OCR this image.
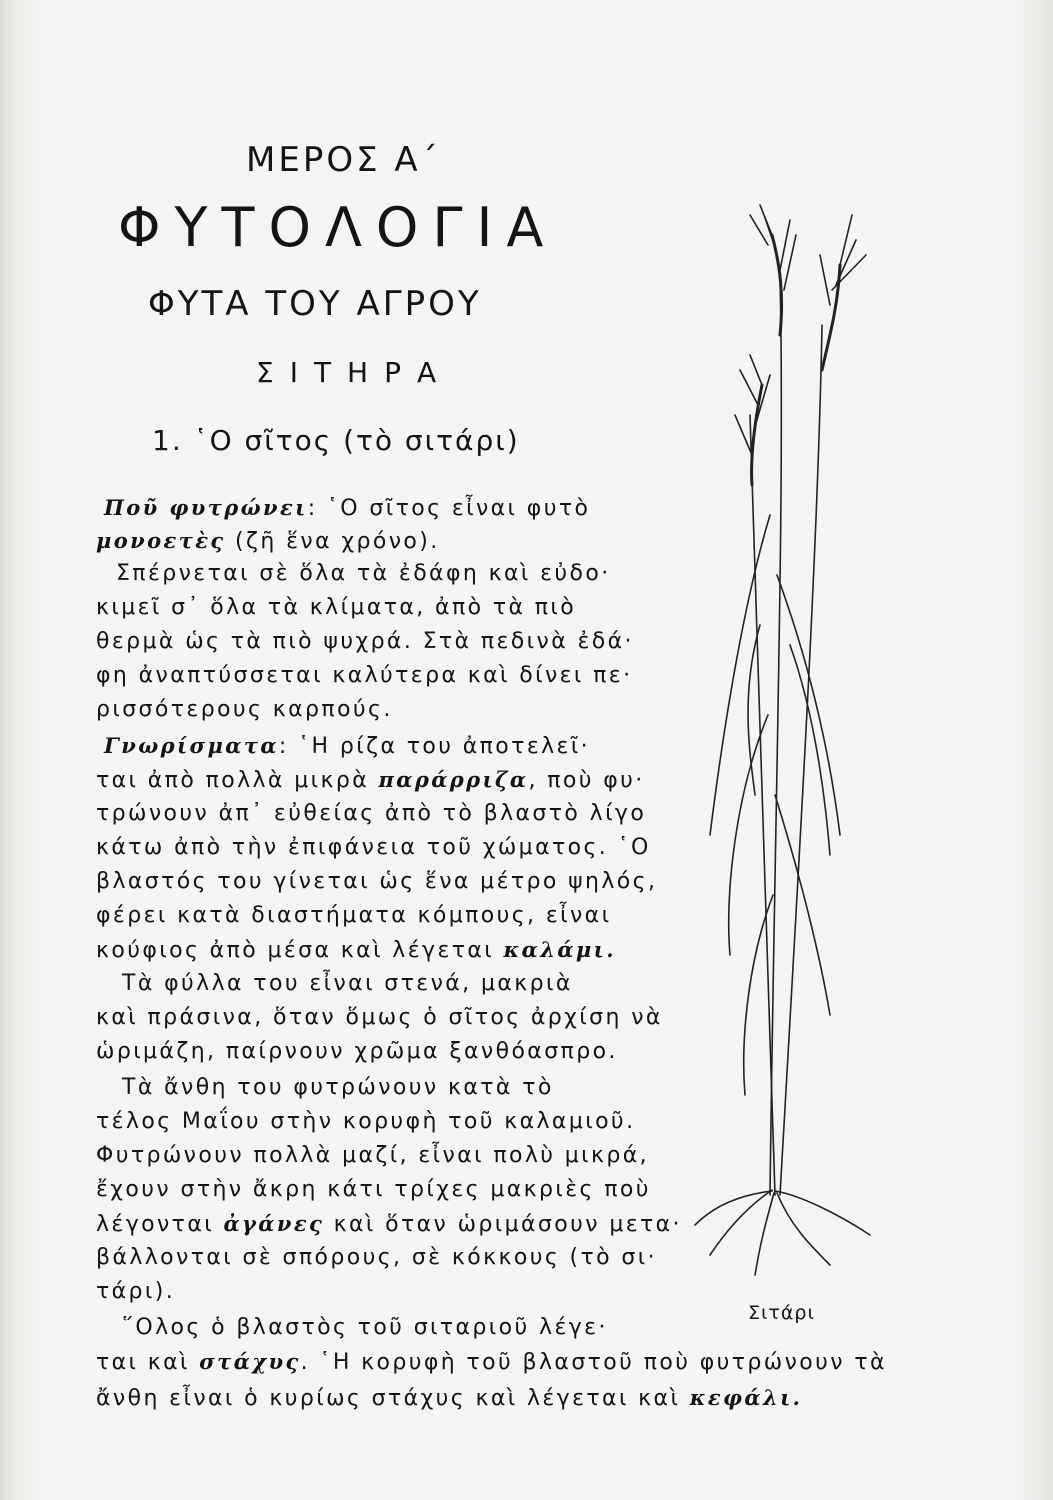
ΜΕΡΟΣ Α΄
ΦΥΤΟΛΟΓΙΑ
ΦΥΤΑ ΤΟΥ ΑΓΡΟΥ
ΣΙΤΗΡΑ
1. ῾Ο σῖτος (τὸ σιτάρι)
Ποῦ φυτρώνει: ῾Ο σῖτος εἶναι φυτὸ
μονοετὲς (ζῆ ἕνα χρόνο).
Σπέρνεται σὲ ὅλα τὰ ἐδάφη καὶ εὐδο·
κιμεῖ σ᾽ ὅλα τὰ κλίματα, ἀπὸ τὰ πιὸ
θερμὰ ὡς τὰ πιὸ ψυχρά. Στὰ πεδινὰ ἐδά·
φη ἀναπτύσσεται καλύτερα καὶ δίνει πε·
ρισσότερους καρπούς.
Γνωρίσματα: ῾Η ρίζα του ἀποτελεῖ·
ται ἀπὸ πολλὰ μικρὰ παράρριζα, ποὺ φυ·
τρώνουν ἀπ᾽ εὐθείας ἀπὸ τὸ βλαστὸ λίγο
κάτω ἀπὸ τὴν ἐπιφάνεια τοῦ χώματος. ῾Ο
βλαστός του γίνεται ὡς ἕνα μέτρο ψηλός,
φέρει κατὰ διαστήματα κόμπους, εἶναι
κούφιος ἀπὸ μέσα καὶ λέγεται καλάμι.
Τὰ φύλλα του εἶναι στενά, μακριὰ
καὶ πράσινα, ὅταν ὅμως ὁ σῖτος ἀρχίση νὰ
ὡριμάζη, παίρνουν χρῶμα ξανθόασπρο.
Τὰ ἄνθη του φυτρώνουν κατὰ τὸ
τέλος Μαΐου στὴν κορυφὴ τοῦ καλαμιοῦ.
Φυτρώνουν πολλὰ μαζί, εἶναι πολὺ μικρά,
ἔχουν στὴν ἄκρη κάτι τρίχες μακριὲς ποὺ
λέγονται ἀγάνες καὶ ὅταν ὡριμάσουν μετα·
βάλλονται σὲ σπόρους, σὲ κόκκους (τὸ σι·
τάρι).
῞Ολος ὁ βλαστὸς τοῦ σιταριοῦ λέγε·
ται καὶ στάχυς. ῾Η κορυφὴ τοῦ βλαστοῦ ποὺ φυτρώνουν τὰ
ἄνθη εἶναι ὁ κυρίως στάχυς καὶ λέγεται καὶ κεφάλι.
Σιτάρι
